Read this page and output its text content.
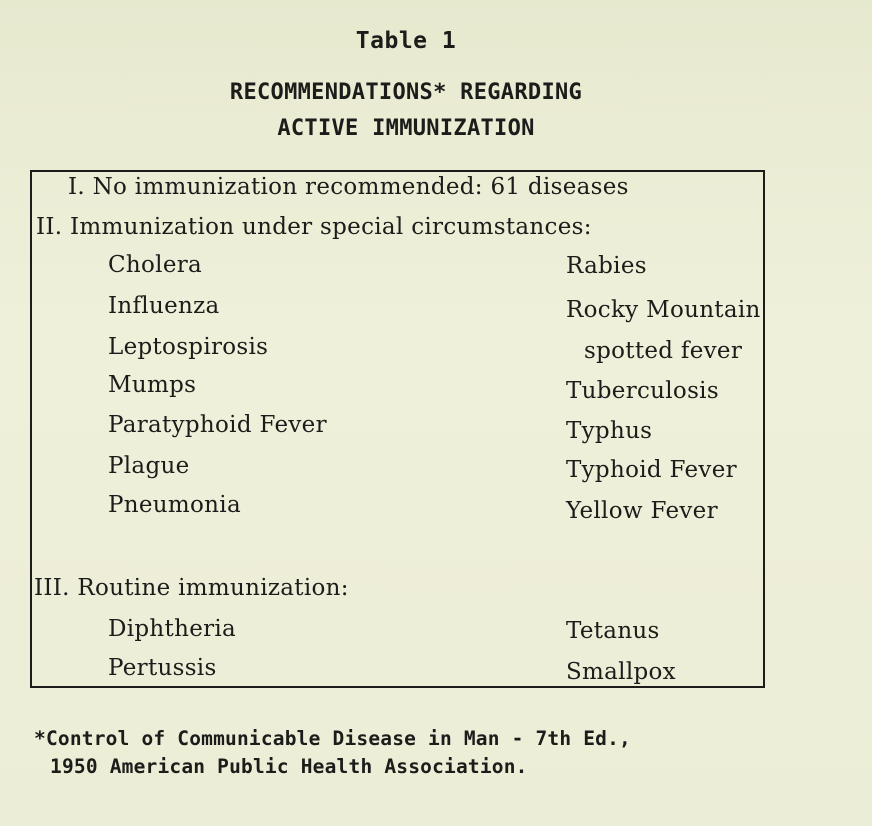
Table 1
RECOMMENDATIONS* REGARDING
ACTIVE IMMUNIZATION
I. No immunization recommended: 61 diseases
II. Immunization under special circumstances:
Cholera
Influenza
Leptospirosis
Mumps
Paratyphoid Fever
Plague
Pneumonia
Rabies
Rocky Mountain
spotted fever
Tuberculosis
Typhus
Typhoid Fever
Yellow Fever
III. Routine immunization:
Diphtheria
Pertussis
Tetanus
Smallpox
*Control of Communicable Disease in Man - 7th Ed.,
1950 American Public Health Association.
